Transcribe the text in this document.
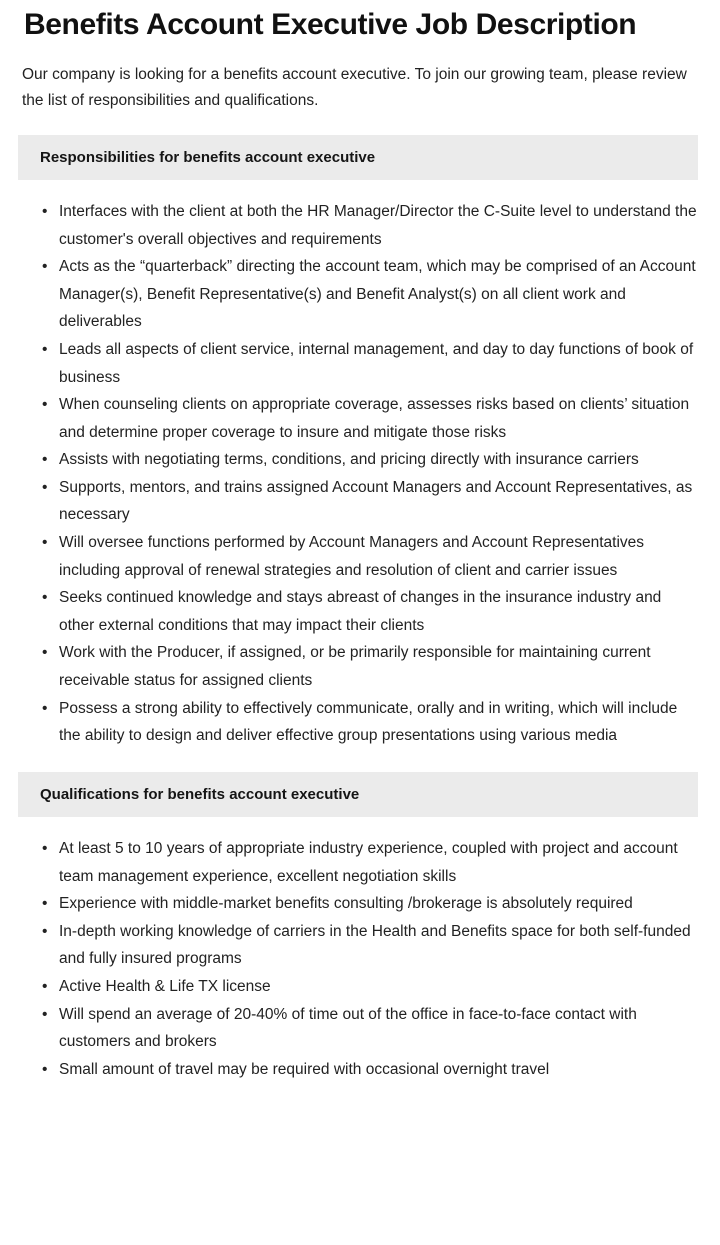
Benefits Account Executive Job Description

Our company is looking for a benefits account executive. To join our growing team, please review the list of responsibilities and qualifications.

Responsibilities for benefits account executive
• Interfaces with the client at both the HR Manager/Director the C-Suite level to understand the customer's overall objectives and requirements
• Acts as the “quarterback” directing the account team, which may be comprised of an Account Manager(s), Benefit Representative(s) and Benefit Analyst(s) on all client work and deliverables
• Leads all aspects of client service, internal management, and day to day functions of book of business
• When counseling clients on appropriate coverage, assesses risks based on clients’ situation and determine proper coverage to insure and mitigate those risks
• Assists with negotiating terms, conditions, and pricing directly with insurance carriers
• Supports, mentors, and trains assigned Account Managers and Account Representatives, as necessary
• Will oversee functions performed by Account Managers and Account Representatives including approval of renewal strategies and resolution of client and carrier issues
• Seeks continued knowledge and stays abreast of changes in the insurance industry and other external conditions that may impact their clients
• Work with the Producer, if assigned, or be primarily responsible for maintaining current receivable status for assigned clients
• Possess a strong ability to effectively communicate, orally and in writing, which will include the ability to design and deliver effective group presentations using various media
Qualifications for benefits account executive
• At least 5 to 10 years of appropriate industry experience, coupled with project and account team management experience, excellent negotiation skills
• Experience with middle-market benefits consulting /brokerage is absolutely required
• In-depth working knowledge of carriers in the Health and Benefits space for both self-funded and fully insured programs
• Active Health & Life TX license
• Will spend an average of 20-40% of time out of the office in face-to-face contact with customers and brokers
• Small amount of travel may be required with occasional overnight travel
